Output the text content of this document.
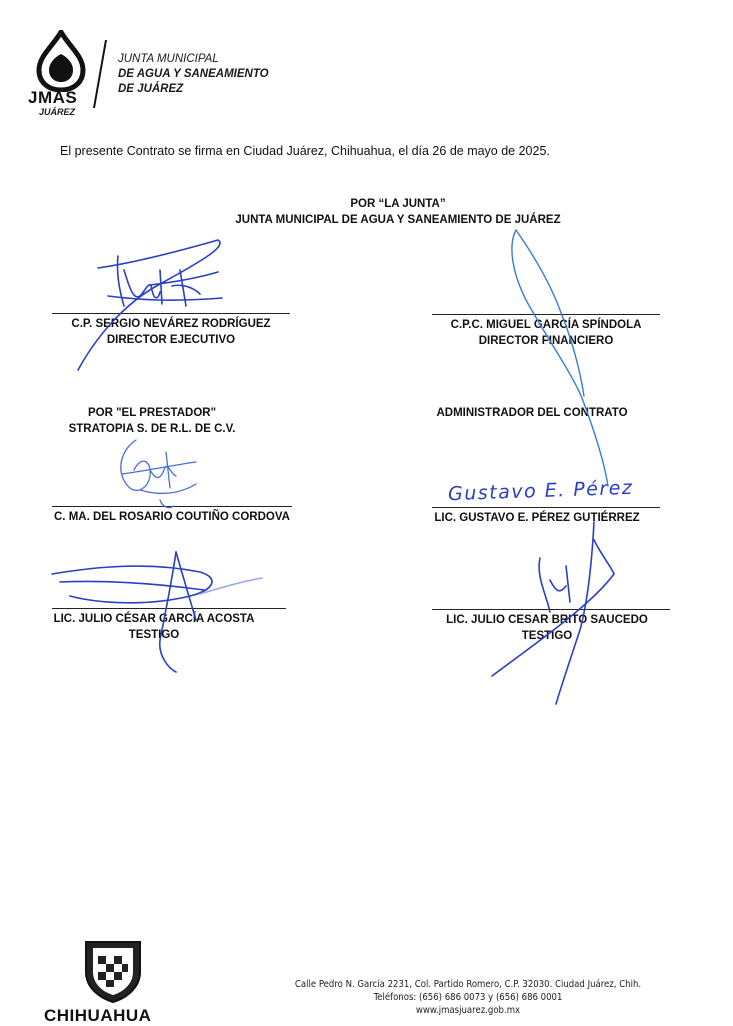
JMAS
JUÁREZ
JUNTA MUNICIPAL
DE AGUA Y SANEAMIENTO
DE JUÁREZ
El presente Contrato se firma en Ciudad Juárez, Chihuahua, el día 26 de mayo de 2025.
POR “LA JUNTA”
JUNTA MUNICIPAL DE AGUA Y SANEAMIENTO DE JUÁREZ
C.P. SERGIO NEVÁREZ RODRÍGUEZ
DIRECTOR EJECUTIVO
C.P.C. MIGUEL GARCÍA SPÍNDOLA
DIRECTOR FINANCIERO
POR "EL PRESTADOR"
STRATOPIA S. DE R.L. DE C.V.
C. MA. DEL ROSARIO COUTIÑO CORDOVA
ADMINISTRADOR DEL CONTRATO
Gustavo E. Pérez
LIC. GUSTAVO E. PÉREZ GUTIÉRREZ
LIC. JULIO CÉSAR GARCÍA ACOSTA
TESTIGO
LIC. JULIO CESAR BRITO SAUCEDO
TESTIGO
CHIHUAHUA
Calle Pedro N. García 2231, Col. Partido Romero, C.P. 32030. Ciudad Juárez, Chih.
Teléfonos: (656) 686 0073 y (656) 686 0001
www.jmasjuarez.gob.mx
